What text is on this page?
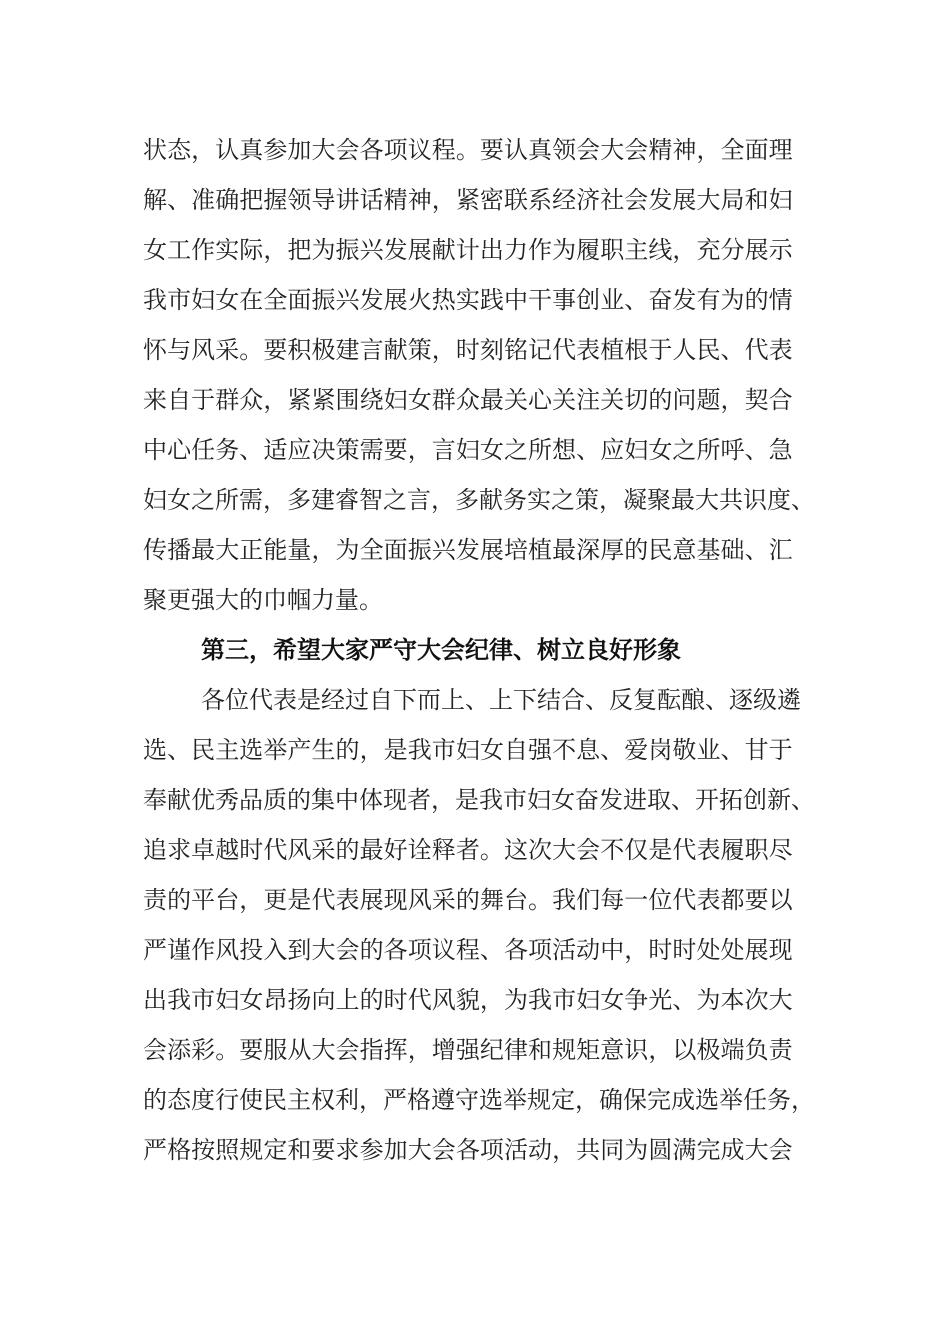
状 态 ， 认 真 参 加 大 会 各 项 议 程 。 要 认 真 领 会 大 会 精 神 ， 全 面 理
解 、 准 确 把 握 领 导 讲 话 精 神 ， 紧 密 联 系 经 济 社 会 发 展 大 局 和 妇
女 工 作 实 际 ， 把 为 振 兴 发 展 献 计 出 力 作 为 履 职 主 线 ， 充 分 展 示
我 市 妇 女 在 全 面 振 兴 发 展 火 热 实 践 中 干 事 创 业 、 奋 发 有 为 的 情
怀 与 风 采 。 要 积 极 建 言 献 策 ， 时 刻 铭 记 代 表 植 根 于 人 民 、 代 表
来 自 于 群 众 ， 紧 紧 围 绕 妇 女 群 众 最 关 心 关 注 关 切 的 问 题 ， 契 合
中 心 任 务 、 适 应 决 策 需 要 ， 言 妇 女 之 所 想 、 应 妇 女 之 所 呼 、 急
妇 女 之 所 需 ， 多 建 睿 智 之 言 ， 多 献 务 实 之 策 ， 凝 聚 最 大 共 识 度 、
传 播 最 大 正 能 量 ， 为 全 面 振 兴 发 展 培 植 最 深 厚 的 民 意 基 础 、 汇
聚更强大的巾帼力量。
第三，希望大家严守大会纪律、树立良好形象
各位代表是经过自下而上、上下结合、反复酝酿、逐级遴
选 、 民 主 选 举 产 生 的 ， 是 我 市 妇 女 自 强 不 息 、 爱 岗 敬 业 、 甘 于
奉 献 优 秀 品 质 的 集 中 体 现 者 ， 是 我 市 妇 女 奋 发 进 取 、 开 拓 创 新 、
追 求 卓 越 时 代 风 采 的 最 好 诠 释 者 。 这 次 大 会 不 仅 是 代 表 履 职 尽
责 的 平 台 ， 更 是 代 表 展 现 风 采 的 舞 台 。 我 们 每 一 位 代 表 都 要 以
严 谨 作 风 投 入 到 大 会 的 各 项 议 程 、 各 项 活 动 中 ， 时 时 处 处 展 现
出 我 市 妇 女 昂 扬 向 上 的 时 代 风 貌 ， 为 我 市 妇 女 争 光 、 为 本 次 大
会 添 彩 。 要 服 从 大 会 指 挥 ， 增 强 纪 律 和 规 矩 意 识 ， 以 极 端 负 责
的 态 度 行 使 民 主 权 利 ， 严 格 遵 守 选 举 规 定 ， 确 保 完 成 选 举 任 务 ，
严 格 按 照 规 定 和 要 求 参 加 大 会 各 项 活 动 ， 共 同 为 圆 满 完 成 大 会
